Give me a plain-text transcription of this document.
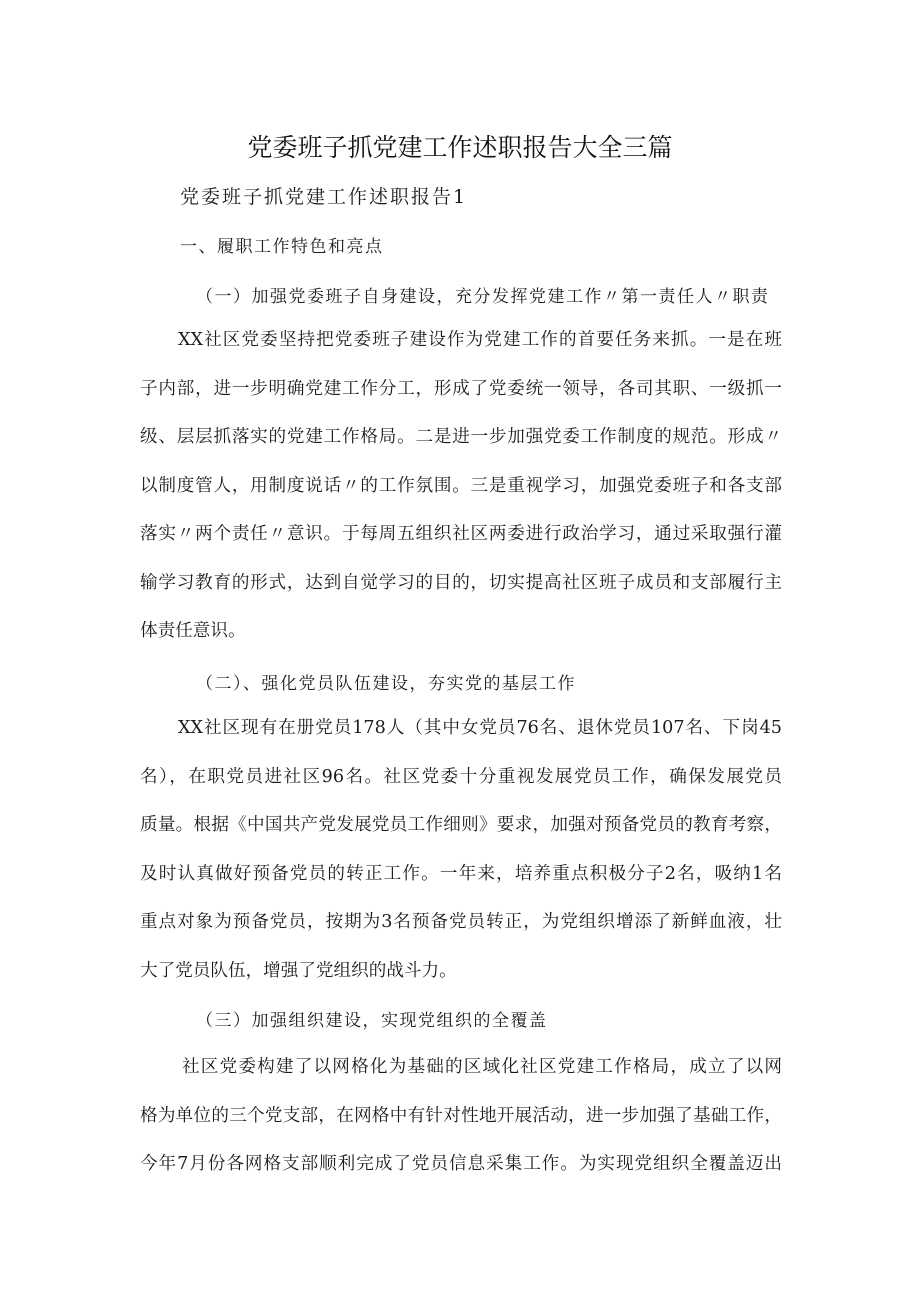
党委班子抓党建工作述职报告大全三篇
党委班子抓党建工作述职报告1
一、履职工作特色和亮点
（一）加强党委班子自身建设，充分发挥党建工作〃第一责任人〃职责
XX社区党委坚持把党委班子建设作为党建工作的首要任务来抓。一是在班
子内部，进一步明确党建工作分工，形成了党委统一领导，各司其职、一级抓一
级、层层抓落实的党建工作格局。二是进一步加强党委工作制度的规范。形成〃
以制度管人，用制度说话〃的工作氛围。三是重视学习，加强党委班子和各支部
落实〃两个责任〃意识。于每周五组织社区两委进行政治学习，通过采取强行灌
输学习教育的形式，达到自觉学习的目的，切实提高社区班子成员和支部履行主
体责任意识。
（二）、强化党员队伍建设，夯实党的基层工作
XX社区现有在册党员178人（其中女党员76名、退休党员107名、下岗45
名），在职党员进社区96名。社区党委十分重视发展党员工作，确保发展党员
质量。根据《中国共产党发展党员工作细则》要求，加强对预备党员的教育考察，
及时认真做好预备党员的转正工作。一年来，培养重点积极分子2名，吸纳1名
重点对象为预备党员，按期为3名预备党员转正，为党组织增添了新鲜血液，壮
大了党员队伍，增强了党组织的战斗力。
（三）加强组织建设，实现党组织的全覆盖
社区党委构建了以网格化为基础的区域化社区党建工作格局，成立了以网
格为单位的三个党支部，在网格中有针对性地开展活动，进一步加强了基础工作，
今年7月份各网格支部顺利完成了党员信息采集工作。为实现党组织全覆盖迈出
